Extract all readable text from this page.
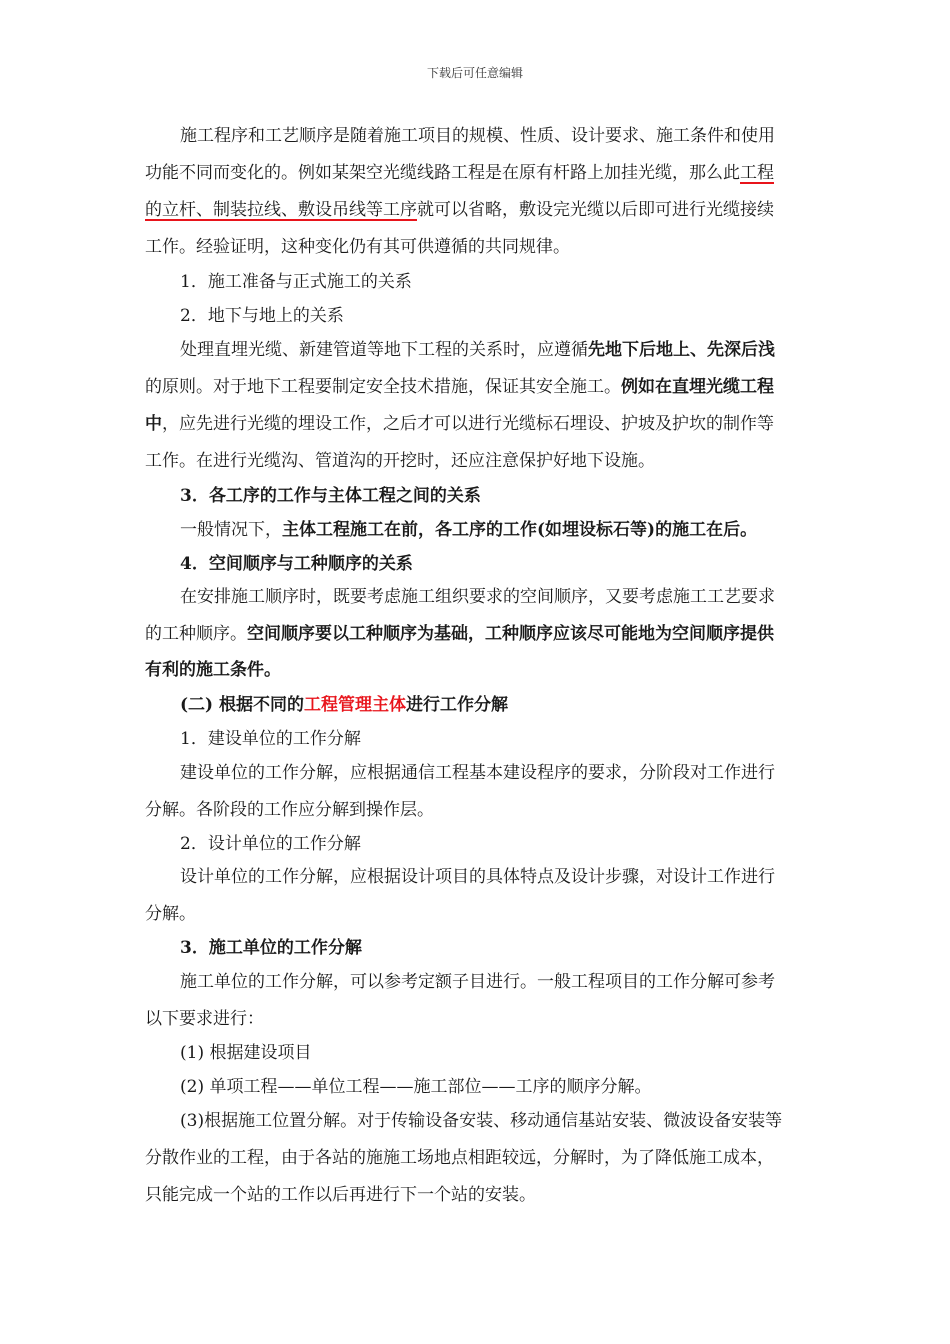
下载后可任意编辑
施工程序和工艺顺序是随着施工项目的规模、性质、设计要求、施工条件和使用
功能不同而变化的。例如某架空光缆线路工程是在原有杆路上加挂光缆，那么此工程
的立杆、制装拉线、敷设吊线等工序就可以省略，敷设完光缆以后即可进行光缆接续
工作。经验证明，这种变化仍有其可供遵循的共同规律。
1．施工准备与正式施工的关系
2．地下与地上的关系
处理直埋光缆、新建管道等地下工程的关系时，应遵循先地下后地上、先深后浅
的原则。对于地下工程要制定安全技术措施，保证其安全施工。例如在直埋光缆工程
中，应先进行光缆的埋设工作，之后才可以进行光缆标石埋设、护坡及护坎的制作等
工作。在进行光缆沟、管道沟的开挖时，还应注意保护好地下设施。
3．各工序的工作与主体工程之间的关系
一般情况下，主体工程施工在前，各工序的工作(如埋设标石等)的施工在后。
4．空间顺序与工种顺序的关系
在安排施工顺序时，既要考虑施工组织要求的空间顺序，又要考虑施工工艺要求
的工种顺序。空间顺序要以工种顺序为基础，工种顺序应该尽可能地为空间顺序提供
有利的施工条件。
(二) 根据不同的工程管理主体进行工作分解
1．建设单位的工作分解
建设单位的工作分解，应根据通信工程基本建设程序的要求，分阶段对工作进行
分解。各阶段的工作应分解到操作层。
2．设计单位的工作分解
设计单位的工作分解，应根据设计项目的具体特点及设计步骤，对设计工作进行
分解。
3．施工单位的工作分解
施工单位的工作分解，可以参考定额子目进行。一般工程项目的工作分解可参考
以下要求进行：
(1) 根据建设项目
(2) 单项工程——单位工程——施工部位——工序的顺序分解。
(3)根据施工位置分解。对于传输设备安装、移动通信基站安装、微波设备安装等
分散作业的工程，由于各站的施施工场地点相距较远，分解时，为了降低施工成本，
只能完成一个站的工作以后再进行下一个站的安装。
